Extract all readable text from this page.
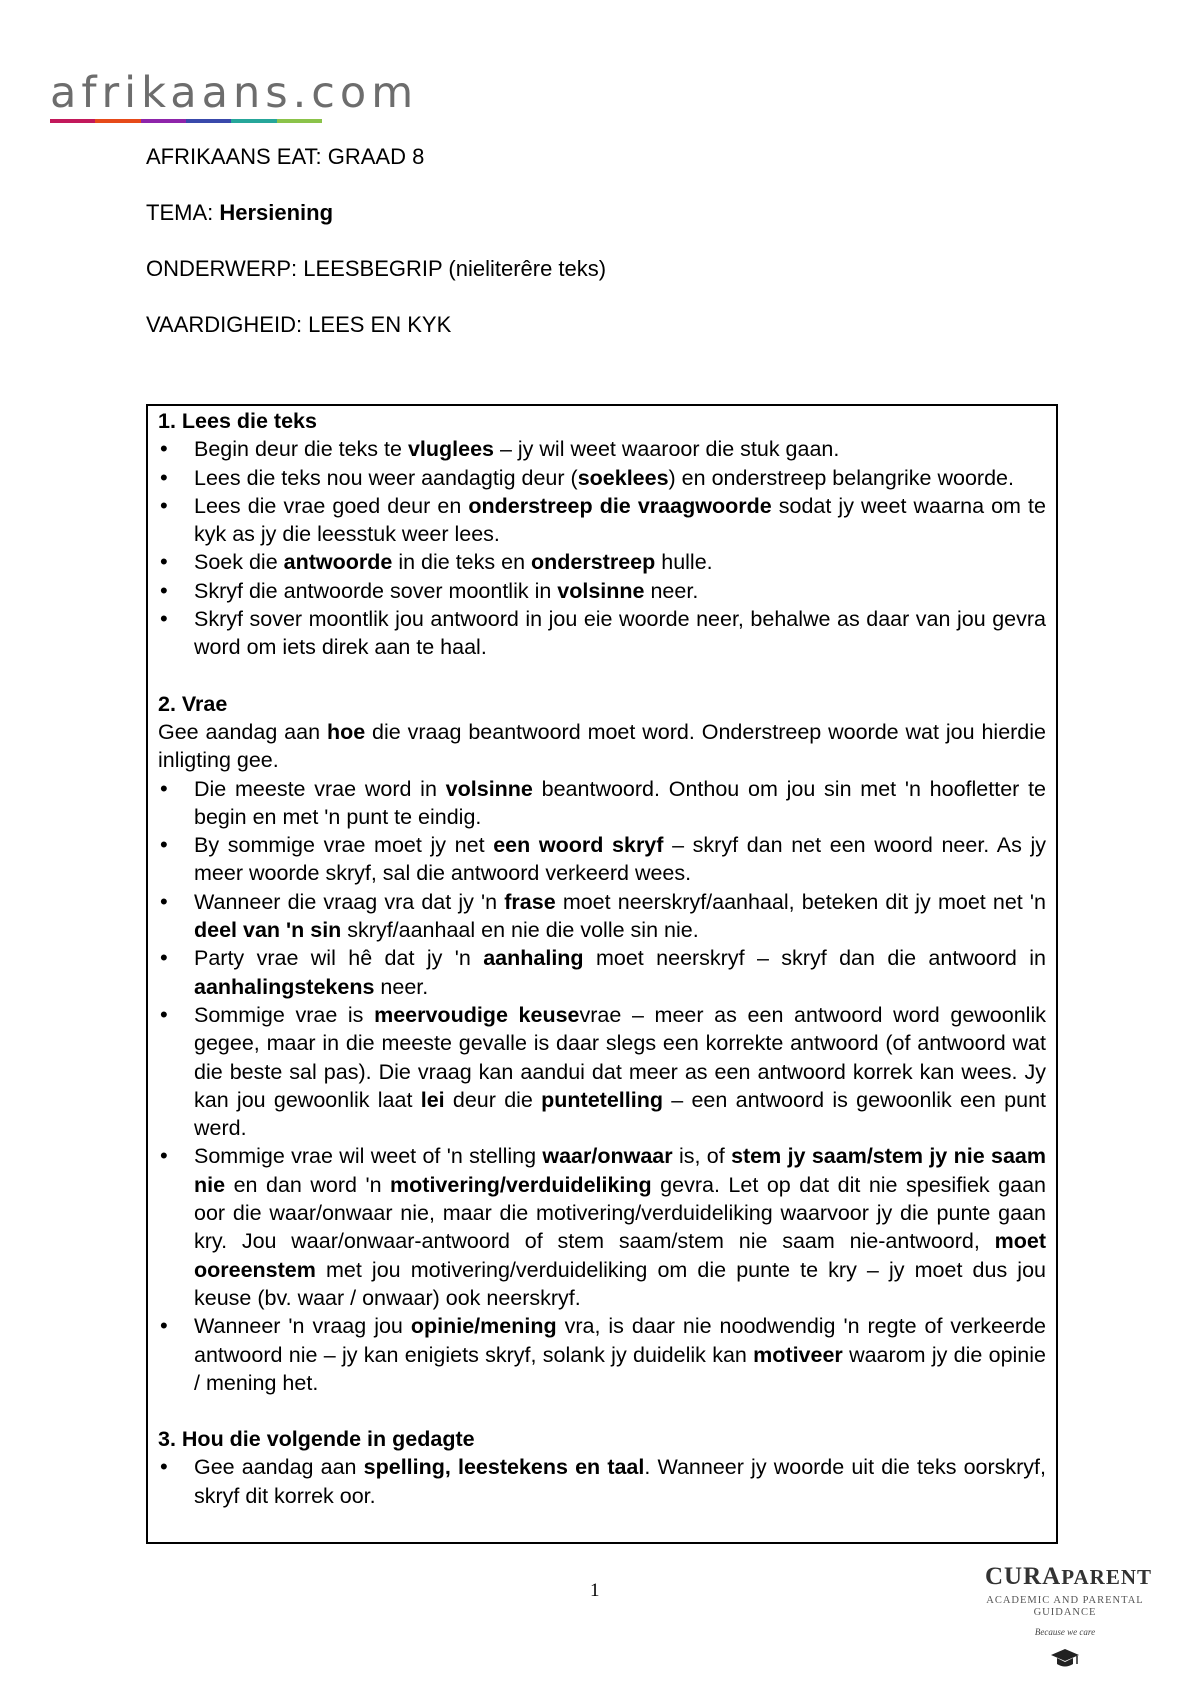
afrikaans.com

AFRIKAANS EAT: GRAAD 8

TEMA: Hersiening

ONDERWERP: LEESBEGRIP (nieliterêre teks)

VAARDIGHEID: LEES EN KYK

1. Lees die teks

• Begin deur die teks te vluglees – jy wil weet waaroor die stuk gaan.
• Lees die teks nou weer aandagtig deur (soeklees) en onderstreep belangrike woorde.
• Lees die vrae goed deur en onderstreep die vraagwoorde sodat jy weet waarna om te kyk as jy die leesstuk weer lees.
• Soek die antwoorde in die teks en onderstreep hulle.
• Skryf die antwoorde sover moontlik in volsinne neer.
• Skryf sover moontlik jou antwoord in jou eie woorde neer, behalwe as daar van jou gevra word om iets direk aan te haal.

2. Vrae

Gee aandag aan hoe die vraag beantwoord moet word. Onderstreep woorde wat jou hierdie inligting gee.

• Die meeste vrae word in volsinne beantwoord. Onthou om jou sin met 'n hoofletter te begin en met 'n punt te eindig.
• By sommige vrae moet jy net een woord skryf – skryf dan net een woord neer. As jy meer woorde skryf, sal die antwoord verkeerd wees.
• Wanneer die vraag vra dat jy 'n frase moet neerskryf/aanhaal, beteken dit jy moet net 'n deel van 'n sin skryf/aanhaal en nie die volle sin nie.
• Party vrae wil hê dat jy 'n aanhaling moet neerskryf – skryf dan die antwoord in aanhalingstekens neer.
• Sommige vrae is meervoudige keusevrae – meer as een antwoord word gewoonlik gegee, maar in die meeste gevalle is daar slegs een korrekte antwoord (of antwoord wat die beste sal pas). Die vraag kan aandui dat meer as een antwoord korrek kan wees. Jy kan jou gewoonlik laat lei deur die puntetelling – een antwoord is gewoonlik een punt werd.
• Sommige vrae wil weet of 'n stelling waar/onwaar is, of stem jy saam/stem jy nie saam nie en dan word 'n motivering/verduideliking gevra. Let op dat dit nie spesifiek gaan oor die waar/onwaar nie, maar die motivering/verduideliking waarvoor jy die punte gaan kry. Jou waar/onwaar-antwoord of stem saam/stem nie saam nie-antwoord, moet ooreenstem met jou motivering/verduideliking om die punte te kry – jy moet dus jou keuse (bv. waar / onwaar) ook neerskryf.
• Wanneer 'n vraag jou opinie/mening vra, is daar nie noodwendig 'n regte of verkeerde antwoord nie – jy kan enigiets skryf, solank jy duidelik kan motiveer waarom jy die opinie / mening het.

3. Hou die volgende in gedagte

• Gee aandag aan spelling, leestekens en taal. Wanneer jy woorde uit die teks oorskryf, skryf dit korrek oor.
1
CURAPARENT
ACADEMIC AND PARENTAL
GUIDANCE
Because we care
